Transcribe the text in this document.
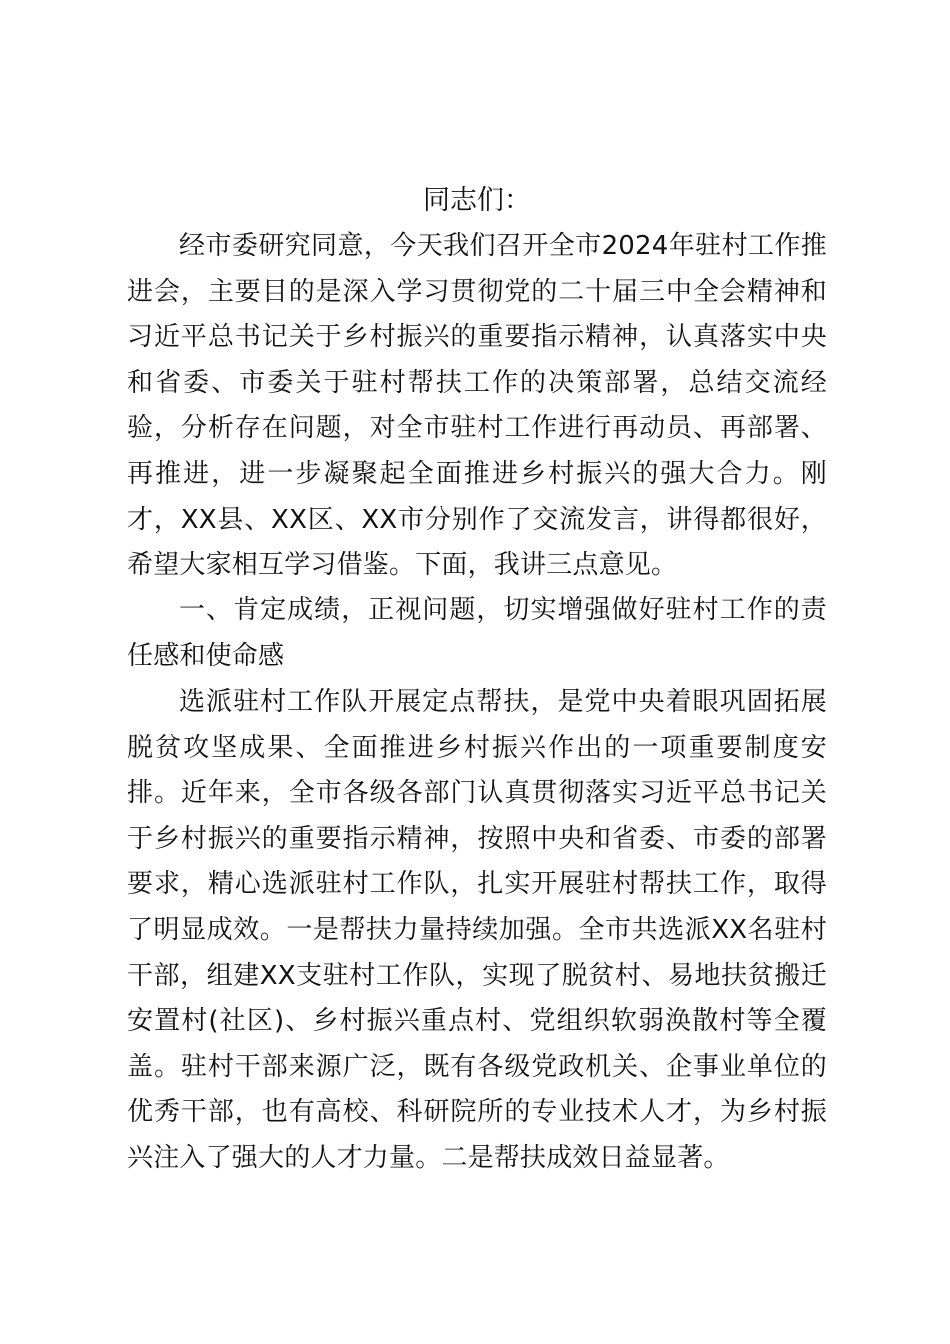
同志们：

经市委研究同意，今天我们召开全市2024年驻村工作推进会，主要目的是深入学习贯彻党的二十届三中全会精神和习近平总书记关于乡村振兴的重要指示精神，认真落实中央和省委、市委关于驻村帮扶工作的决策部署，总结交流经验，分析存在问题，对全市驻村工作进行再动员、再部署、再推进，进一步凝聚起全面推进乡村振兴的强大合力。刚才，XX县、XX区、XX市分别作了交流发言，讲得都很好，希望大家相互学习借鉴。下面，我讲三点意见。

一、肯定成绩，正视问题，切实增强做好驻村工作的责任感和使命感

选派驻村工作队开展定点帮扶，是党中央着眼巩固拓展脱贫攻坚成果、全面推进乡村振兴作出的一项重要制度安排。近年来，全市各级各部门认真贯彻落实习近平总书记关于乡村振兴的重要指示精神，按照中央和省委、市委的部署要求，精心选派驻村工作队，扎实开展驻村帮扶工作，取得了明显成效。一是帮扶力量持续加强。全市共选派XX名驻村干部，组建XX支驻村工作队，实现了脱贫村、易地扶贫搬迁安置村(社区)、乡村振兴重点村、党组织软弱涣散村等全覆盖。驻村干部来源广泛，既有各级党政机关、企事业单位的优秀干部，也有高校、科研院所的专业技术人才，为乡村振兴注入了强大的人才力量。二是帮扶成效日益显著。
